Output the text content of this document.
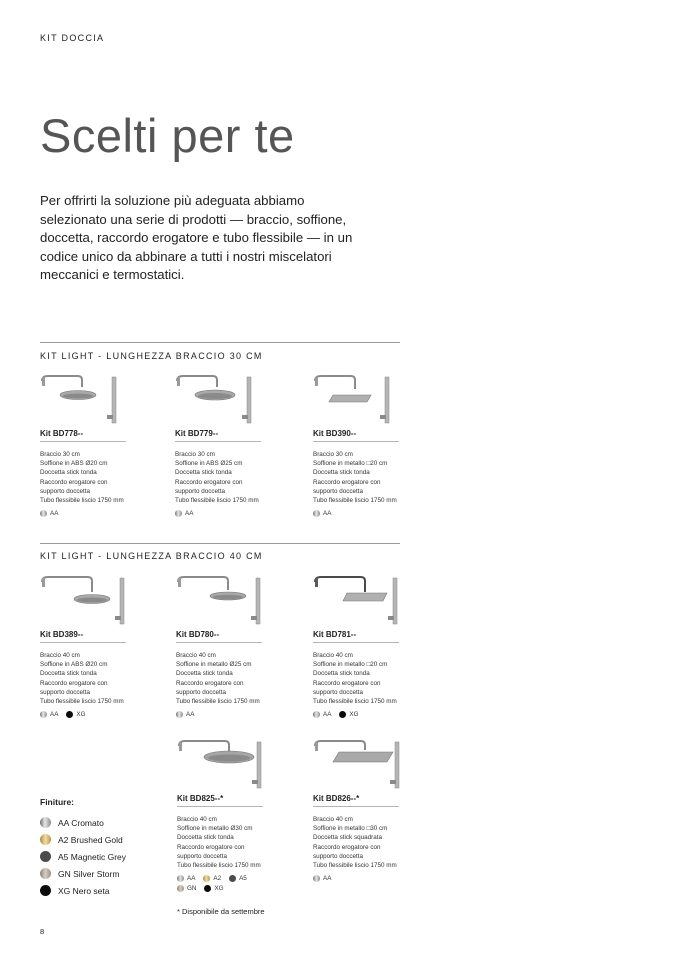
KIT DOCCIA
Scelti per te
Per offrirti la soluzione più adeguata abbiamo selezionato una serie di prodotti — braccio, soffione, doccetta, raccordo erogatore e tubo flessibile — in un codice unico da abbinare a tutti i nostri miscelatori meccanici e termostatici.
KIT LIGHT - LUNGHEZZA BRACCIO 30 CM
KIT LIGHT - LUNGHEZZA BRACCIO 40 CM
Kit BD778--
Braccio 30 cm
Soffione in ABS Ø20 cm
Doccetta stick tonda
Raccordo erogatore con
supporto doccetta
Tubo flessibile liscio 1750 mm
AA
Kit BD779--
Braccio 30 cm
Soffione in ABS Ø25 cm
Doccetta stick tonda
Raccordo erogatore con
supporto doccetta
Tubo flessibile liscio 1750 mm
AA
Kit BD390--
Braccio 30 cm
Soffione in metallo □20 cm
Doccetta stick tonda
Raccordo erogatore con
supporto doccetta
Tubo flessibile liscio 1750 mm
AA
Kit BD389--
Braccio 40 cm
Soffione in ABS Ø20 cm
Doccetta stick tonda
Raccordo erogatore con
supporto doccetta
Tubo flessibile liscio 1750 mm
AA	XG
Kit BD780--
Braccio 40 cm
Soffione in metallo Ø25 cm
Doccetta stick tonda
Raccordo erogatore con
supporto doccetta
Tubo flessibile liscio 1750 mm
AA
Kit BD781--
Braccio 40 cm
Soffione in metallo □20 cm
Doccetta stick tonda
Raccordo erogatore con
supporto doccetta
Tubo flessibile liscio 1750 mm
AA	XG
Kit BD825--*
Braccio 40 cm
Soffione in metallo Ø30 cm
Doccetta stick tonda
Raccordo erogatore con
supporto doccetta
Tubo flessibile liscio 1750 mm
AA	A2	A5
GN	XG
Kit BD826--*
Braccio 40 cm
Soffione in metallo □30 cm
Doccetta stick squadrata
Raccordo erogatore con
supporto doccetta
Tubo flessibile liscio 1750 mm
AA
Finiture:
AA Cromato
A2 Brushed Gold
A5 Magnetic Grey
GN Silver Storm
XG Nero seta
* Disponibile da settembre
8
